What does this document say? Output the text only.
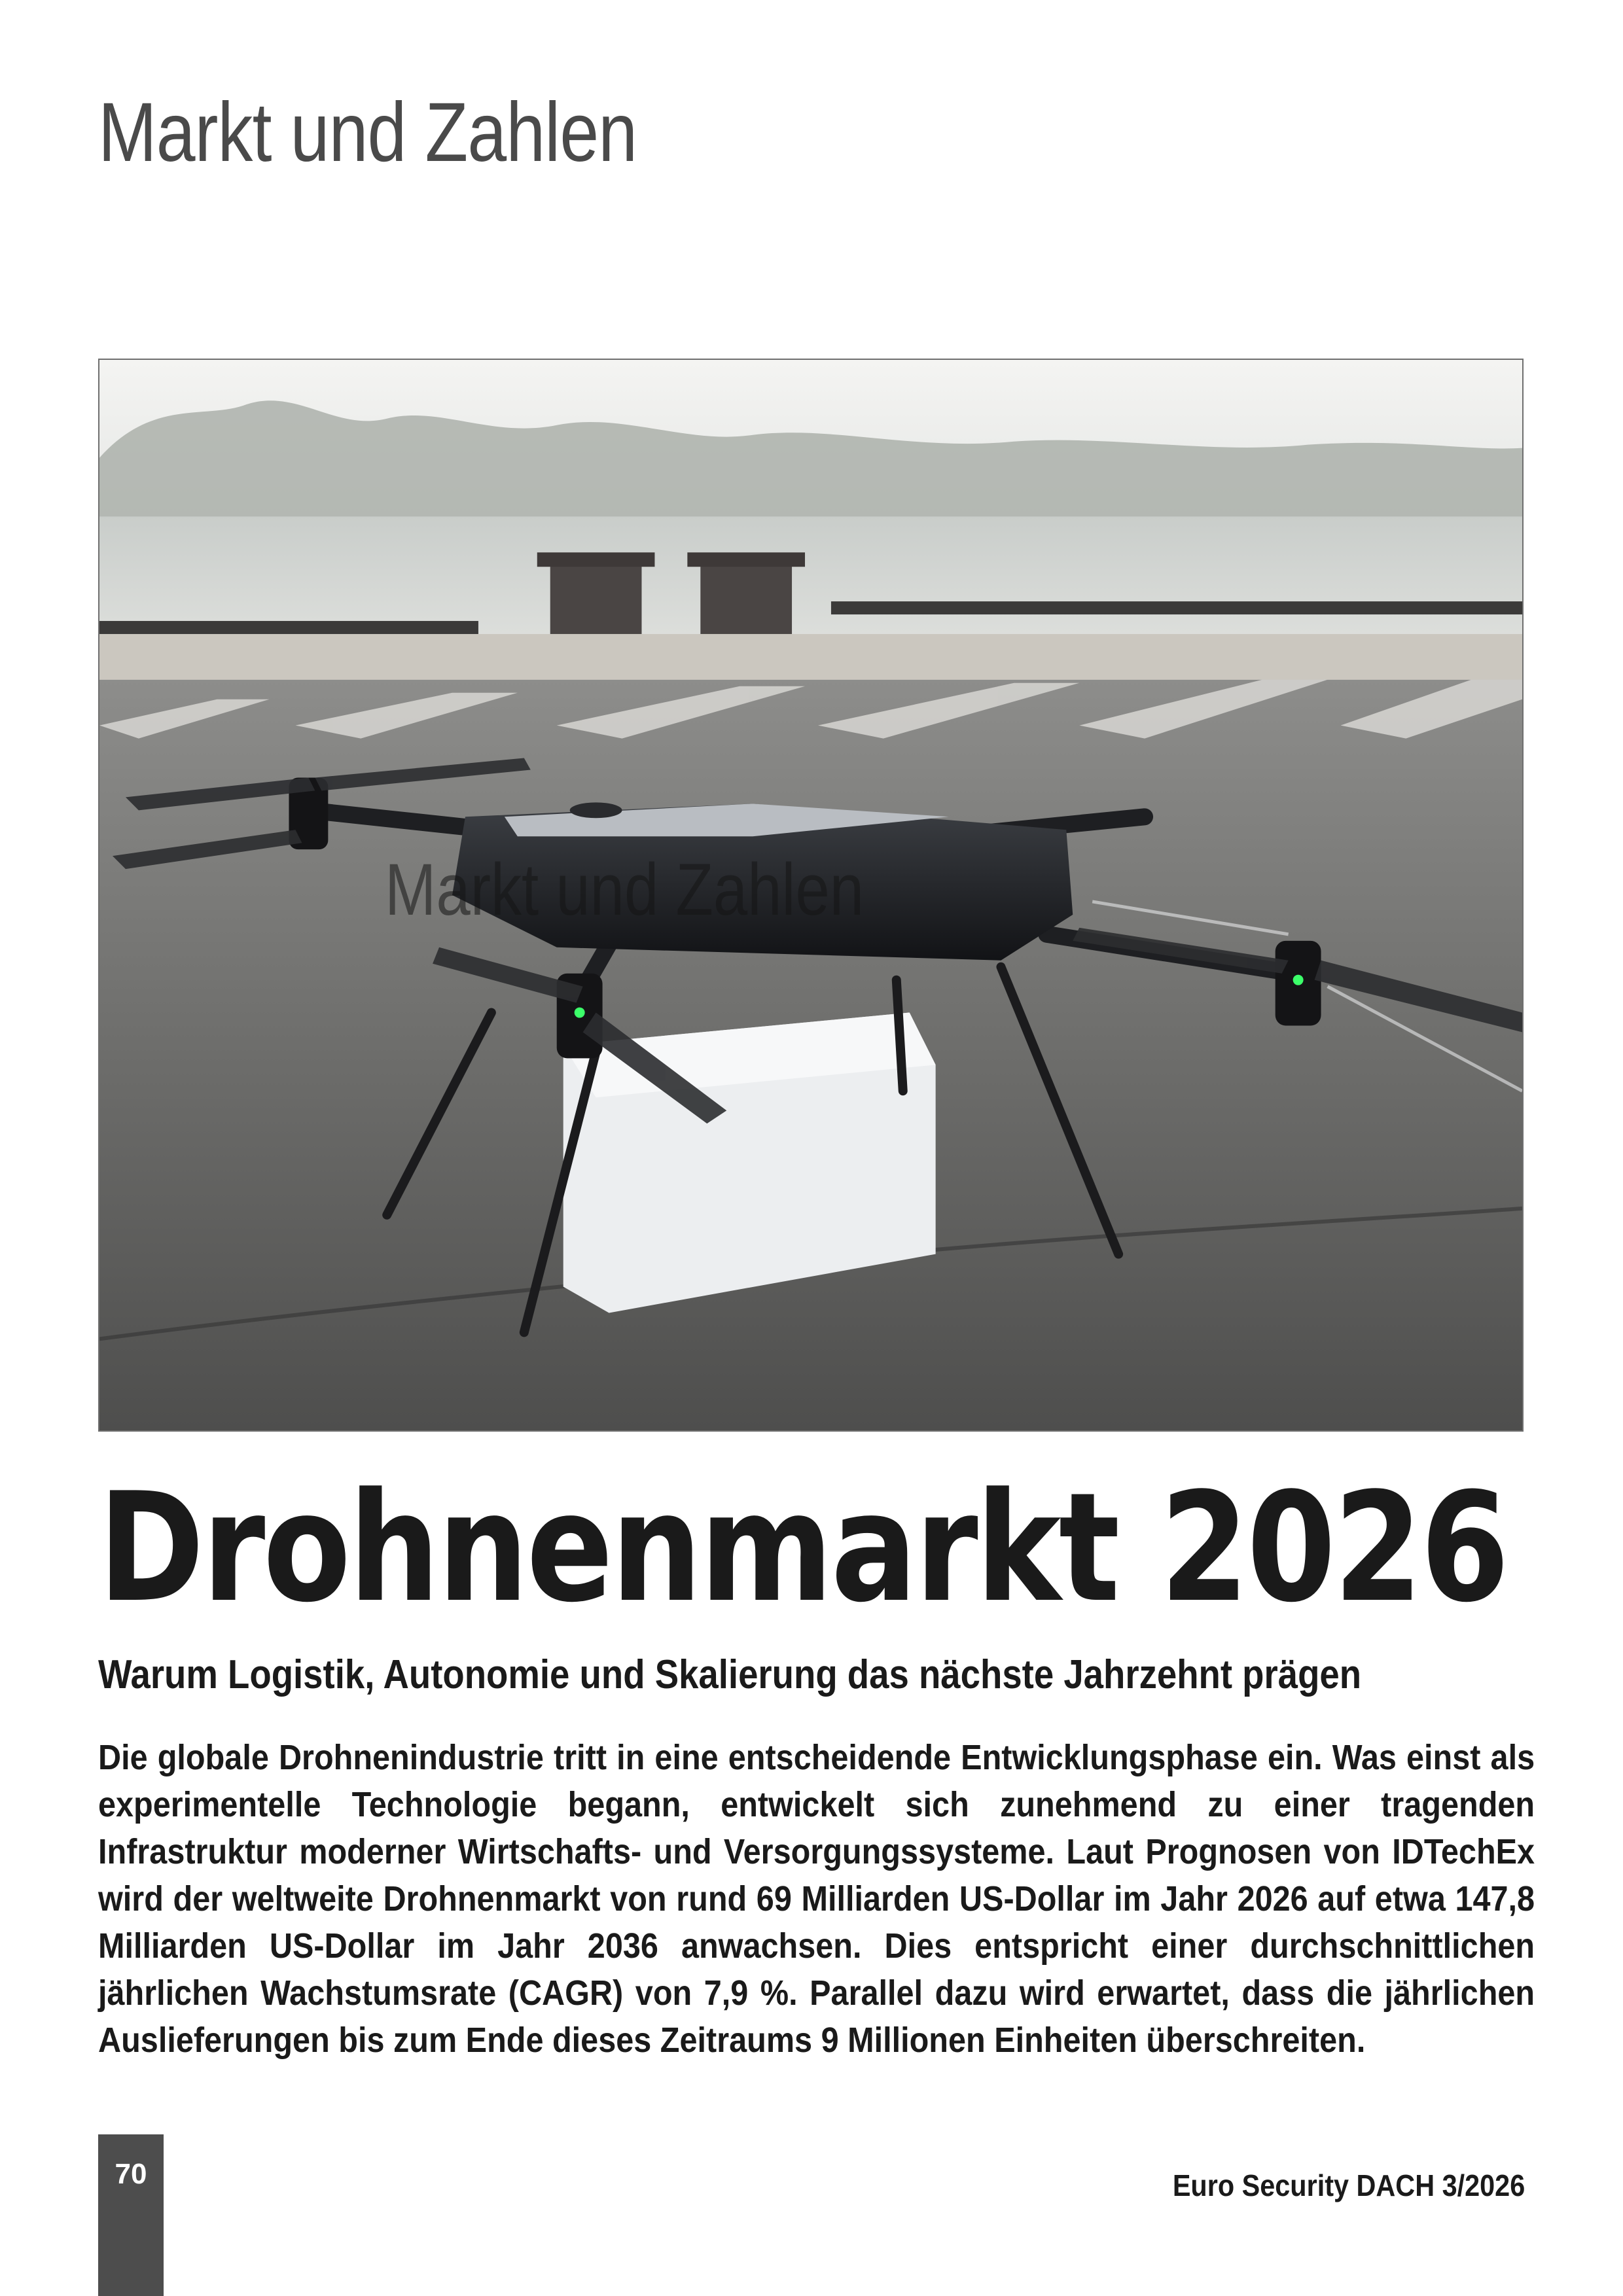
Markt und Zahlen

Markt und Zahlen

Drohnenmarkt 2026
Warum Logistik, Autonomie und Skalierung das nächste Jahrzehnt prägen

Die globale Drohnenindustrie tritt in eine entscheidende Entwicklungsphase ein. Was einst als experimentelle Technologie begann, entwickelt sich zunehmend zu einer tragenden Infrastruktur moderner Wirtschafts- und Versorgungssysteme. Laut Prognosen von IDTechEx wird der weltweite Drohnenmarkt von rund 69 Milliarden US-Dollar im Jahr 2026 auf etwa 147,8 Milliarden US-Dollar im Jahr 2036 anwachsen. Dies entspricht einer durchschnittlichen jährlichen Wachstumsrate (CAGR) von 7,9 %. Parallel dazu wird erwartet, dass die jährlichen Auslieferungen bis zum Ende dieses Zeitraums 9 Millionen Einheiten überschreiten.

70	Euro Security DACH 3/2026
